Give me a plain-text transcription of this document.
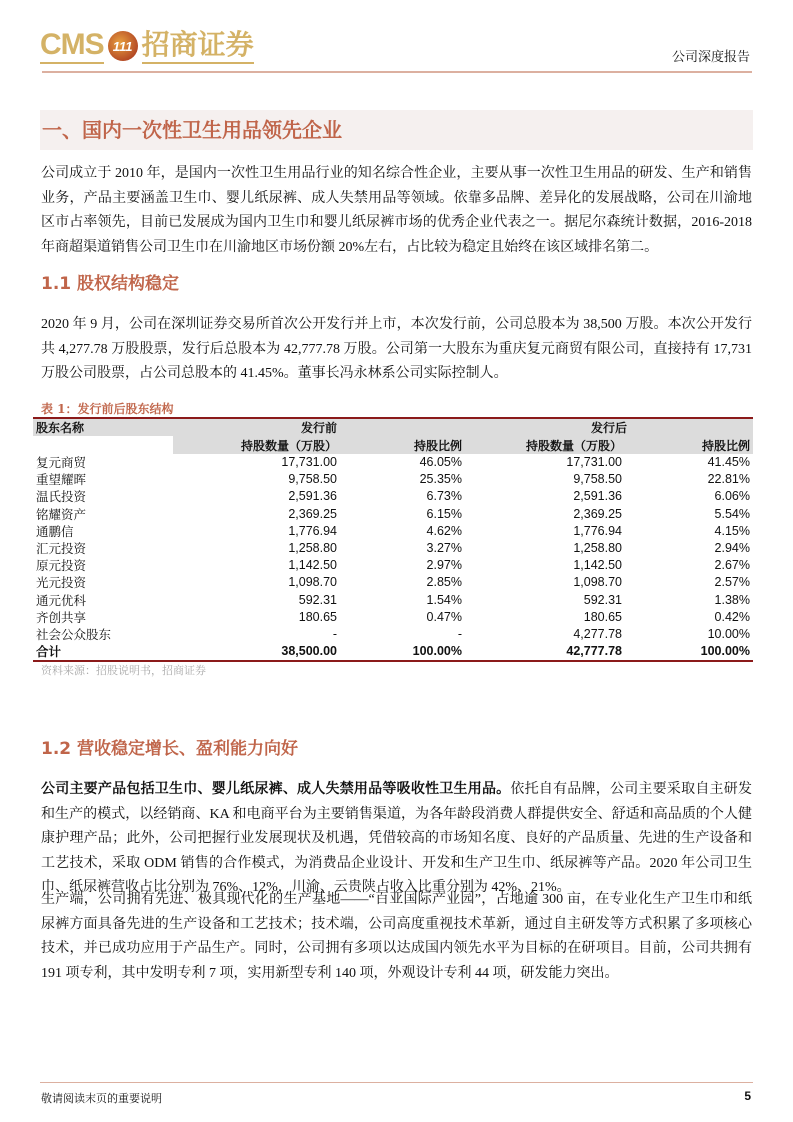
CMS 111 招商证券	公司深度报告
一、国内一次性卫生用品领先企业

公司成立于 2010 年，是国内一次性卫生用品行业的知名综合性企业，主要从事一次性卫生用品的研发、生产和销售业务，产品主要涵盖卫生巾、婴儿纸尿裤、成人失禁用品等领域。依靠多品牌、差异化的发展战略，公司在川渝地区市占率领先，目前已发展成为国内卫生巾和婴儿纸尿裤市场的优秀企业代表之一。据尼尔森统计数据，2016-2018 年商超渠道销售公司卫生巾在川渝地区市场份额 20%左右，占比较为稳定且始终在该区域排名第二。

1.1 股权结构稳定

2020 年 9 月，公司在深圳证券交易所首次公开发行并上市，本次发行前，公司总股本为 38,500 万股。本次公开发行共 4,277.78 万股股票，发行后总股本为 42,777.78 万股。公司第一大股东为重庆复元商贸有限公司，直接持有 17,731 万股公司股票，占公司总股本的 41.45%。董事长冯永林系公司实际控制人。

表 1：发行前后股东结构
股东名称	发行前		发行后	
	持股数量（万股）	持股比例	持股数量（万股）	持股比例
复元商贸	17,731.00	46.05%	17,731.00	41.45%
重望耀晖	9,758.50	25.35%	9,758.50	22.81%
温氏投资	2,591.36	6.73%	2,591.36	6.06%
铭耀资产	2,369.25	6.15%	2,369.25	5.54%
通鹏信	1,776.94	4.62%	1,776.94	4.15%
汇元投资	1,258.80	3.27%	1,258.80	2.94%
原元投资	1,142.50	2.97%	1,142.50	2.67%
光元投资	1,098.70	2.85%	1,098.70	2.57%
通元优科	592.31	1.54%	592.31	1.38%
齐创共享	180.65	0.47%	180.65	0.42%
社会公众股东	-	-	4,277.78	10.00%
合计	38,500.00	100.00%	42,777.78	100.00%
资料来源：招股说明书，招商证券
1.2 营收稳定增长、盈利能力向好

公司主要产品包括卫生巾、婴儿纸尿裤、成人失禁用品等吸收性卫生用品。依托自有品牌，公司主要采取自主研发和生产的模式，以经销商、KA 和电商平台为主要销售渠道，为各年龄段消费人群提供安全、舒适和高品质的个人健康护理产品；此外，公司把握行业发展现状及机遇，凭借较高的市场知名度、良好的产品质量、先进的生产设备和工艺技术，采取 ODM 销售的合作模式，为消费品企业设计、开发和生产卫生巾、纸尿裤等产品。2020 年公司卫生巾、纸尿裤营收占比分别为 76%、12%，川渝、云贵陕占收入比重分别为 42%、21%。

生产端，公司拥有先进、极具现代化的生产基地——“百亚国际产业园”，占地逾 300 亩，在专业化生产卫生巾和纸尿裤方面具备先进的生产设备和工艺技术；技术端，公司高度重视技术革新，通过自主研发等方式积累了多项核心技术，并已成功应用于产品生产。同时，公司拥有多项以达成国内领先水平为目标的在研项目。目前，公司共拥有 191 项专利，其中发明专利 7 项，实用新型专利 140 项，外观设计专利 44 项，研发能力突出。

敬请阅读末页的重要说明	5
